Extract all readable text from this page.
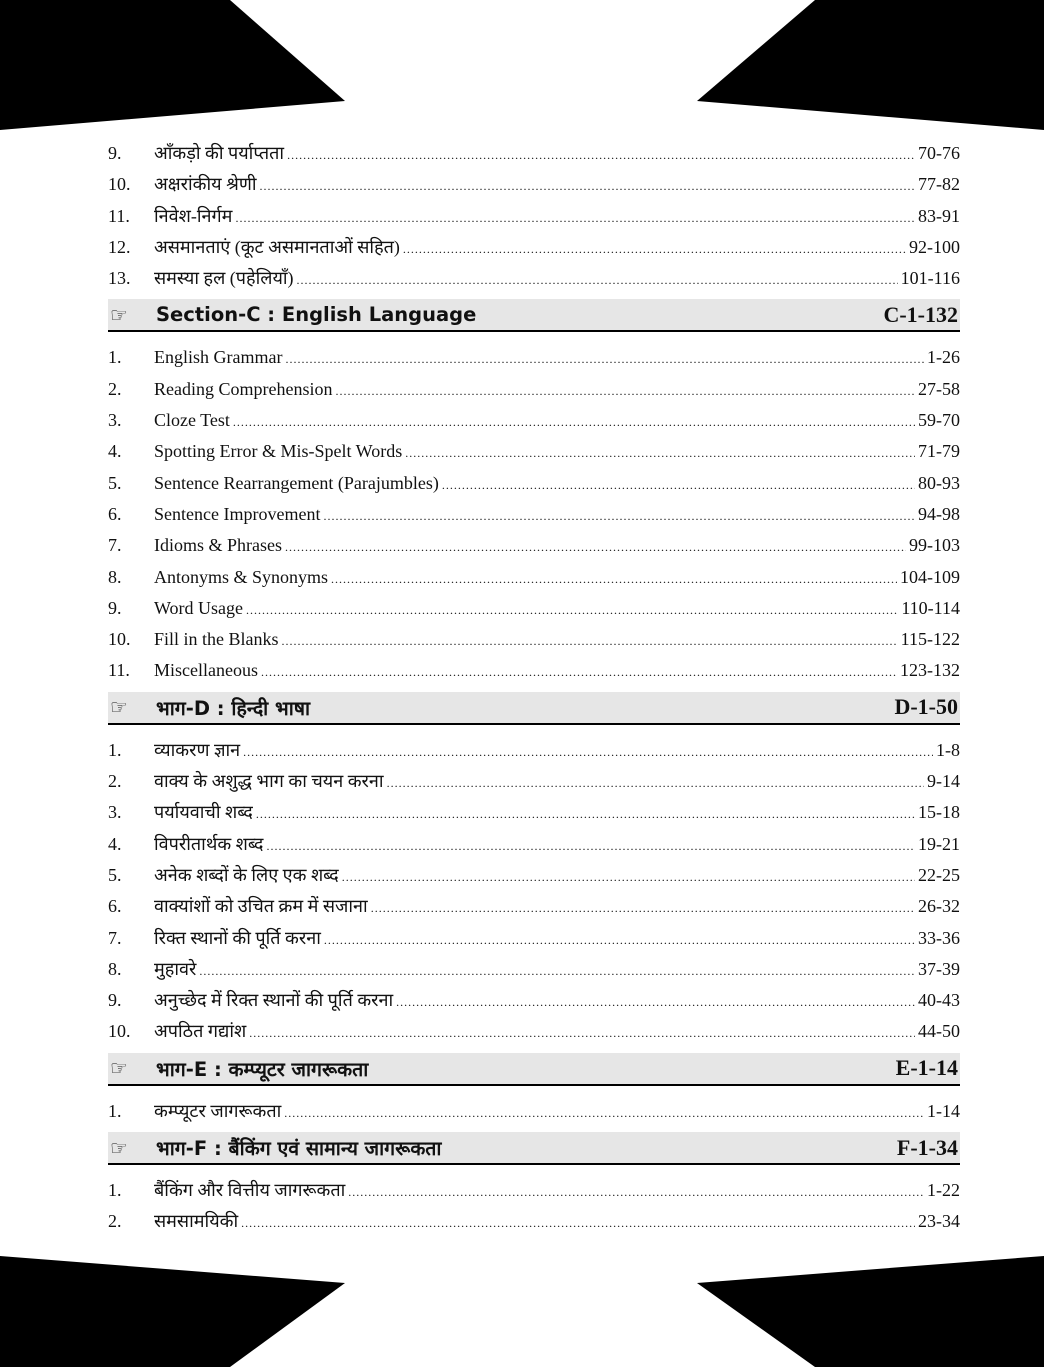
9.	आँकड़ो की पर्याप्तता .....	70-76
10.	अक्षरांकीय श्रेणी .....	77-82
11.	निवेश-निर्गम .....	83-91
12.	असमानताएं (कूट असमानताओं सहित) .....	92-100
13.	समस्या हल (पहेलियाँ) .....	101-116
☞	Section-C : English Language	C-1-132
1.	English Grammar .....	1-26
2.	Reading Comprehension .....	27-58
3.	Cloze Test .....	59-70
4.	Spotting Error & Mis-Spelt Words .....	71-79
5.	Sentence Rearrangement (Parajumbles) .....	80-93
6.	Sentence Improvement .....	94-98
7.	Idioms & Phrases .....	99-103
8.	Antonyms & Synonyms .....	104-109
9.	Word Usage .....	110-114
10.	Fill in the Blanks .....	115-122
11.	Miscellaneous .....	123-132
☞	भाग-D : हिन्दी भाषा	D-1-50
1.	व्याकरण ज्ञान .....	1-8
2.	वाक्य के अशुद्ध भाग का चयन करना .....	9-14
3.	पर्यायवाची शब्द .....	15-18
4.	विपरीतार्थक शब्द .....	19-21
5.	अनेक शब्दों के लिए एक शब्द .....	22-25
6.	वाक्यांशों को उचित क्रम में सजाना .....	26-32
7.	रिक्त स्थानों की पूर्ति करना .....	33-36
8.	मुहावरे .....	37-39
9.	अनुच्छेद में रिक्त स्थानों की पूर्ति करना .....	40-43
10.	अपठित गद्यांश .....	44-50
☞	भाग-E : कम्प्यूटर जागरूकता	E-1-14
1.	कम्प्यूटर जागरूकता .....	1-14
☞	भाग-F : बैंकिंग एवं सामान्य जागरूकता	F-1-34
1.	बैंकिंग और वित्तीय जागरूकता .....	1-22
2.	समसामयिकी .....	23-34
